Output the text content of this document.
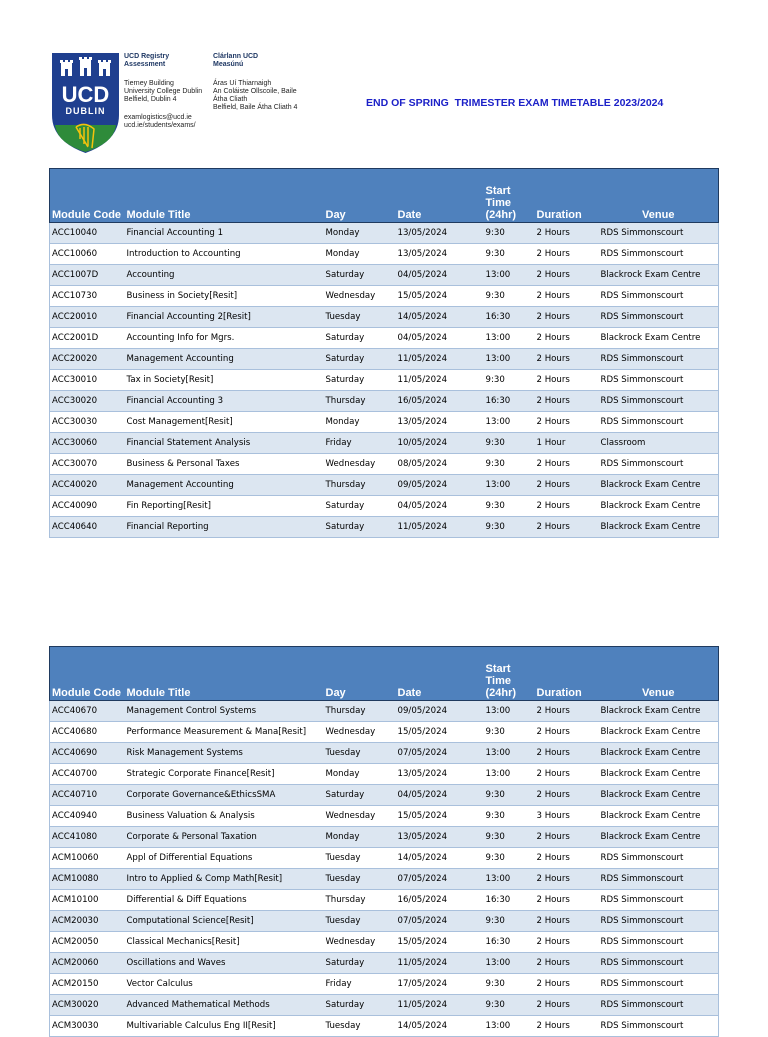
UCD
DUBLIN
UCD Registry
Assessment
Clárlann UCD
Measúnú
Tierney Building
University College Dublin
Belfield, Dublin 4
Áras Uí Thiarnaigh
An Coláiste Ollscoile, Baile
Átha Cliath
Belfield, Baile Átha Cliath 4
examlogistics@ucd.ie
ucd.ie/students/exams/
END OF SPRING  TRIMESTER EXAM TIMETABLE 2023/2024
Module Code	Module Title	Day	Date	Start
Time
(24hr)	Duration	Venue
ACC10040	Financial Accounting 1	Monday	13/05/2024	9:30	2 Hours	RDS Simmonscourt
ACC10060	Introduction to Accounting	Monday	13/05/2024	9:30	2 Hours	RDS Simmonscourt
ACC1007D	Accounting	Saturday	04/05/2024	13:00	2 Hours	Blackrock Exam Centre
ACC10730	Business in Society[Resit]	Wednesday	15/05/2024	9:30	2 Hours	RDS Simmonscourt
ACC20010	Financial Accounting 2[Resit]	Tuesday	14/05/2024	16:30	2 Hours	RDS Simmonscourt
ACC2001D	Accounting Info for Mgrs.	Saturday	04/05/2024	13:00	2 Hours	Blackrock Exam Centre
ACC20020	Management Accounting	Saturday	11/05/2024	13:00	2 Hours	RDS Simmonscourt
ACC30010	Tax in Society[Resit]	Saturday	11/05/2024	9:30	2 Hours	RDS Simmonscourt
ACC30020	Financial Accounting 3	Thursday	16/05/2024	16:30	2 Hours	RDS Simmonscourt
ACC30030	Cost Management[Resit]	Monday	13/05/2024	13:00	2 Hours	RDS Simmonscourt
ACC30060	Financial Statement Analysis	Friday	10/05/2024	9:30	1 Hour	Classroom
ACC30070	Business & Personal Taxes	Wednesday	08/05/2024	9:30	2 Hours	RDS Simmonscourt
ACC40020	Management Accounting	Thursday	09/05/2024	13:00	2 Hours	Blackrock Exam Centre
ACC40090	Fin Reporting[Resit]	Saturday	04/05/2024	9:30	2 Hours	Blackrock Exam Centre
ACC40640	Financial Reporting	Saturday	11/05/2024	9:30	2 Hours	Blackrock Exam Centre
Module Code	Module Title	Day	Date	Start
Time
(24hr)	Duration	Venue
ACC40670	Management Control Systems	Thursday	09/05/2024	13:00	2 Hours	Blackrock Exam Centre
ACC40680	Performance Measurement & Mana[Resit]	Wednesday	15/05/2024	9:30	2 Hours	Blackrock Exam Centre
ACC40690	Risk Management Systems	Tuesday	07/05/2024	13:00	2 Hours	Blackrock Exam Centre
ACC40700	Strategic Corporate Finance[Resit]	Monday	13/05/2024	13:00	2 Hours	Blackrock Exam Centre
ACC40710	Corporate Governance&EthicsSMA	Saturday	04/05/2024	9:30	2 Hours	Blackrock Exam Centre
ACC40940	Business Valuation & Analysis	Wednesday	15/05/2024	9:30	3 Hours	Blackrock Exam Centre
ACC41080	Corporate & Personal Taxation	Monday	13/05/2024	9:30	2 Hours	Blackrock Exam Centre
ACM10060	Appl of Differential Equations	Tuesday	14/05/2024	9:30	2 Hours	RDS Simmonscourt
ACM10080	Intro to Applied & Comp Math[Resit]	Tuesday	07/05/2024	13:00	2 Hours	RDS Simmonscourt
ACM10100	Differential & Diff Equations	Thursday	16/05/2024	16:30	2 Hours	RDS Simmonscourt
ACM20030	Computational Science[Resit]	Tuesday	07/05/2024	9:30	2 Hours	RDS Simmonscourt
ACM20050	Classical Mechanics[Resit]	Wednesday	15/05/2024	16:30	2 Hours	RDS Simmonscourt
ACM20060	Oscillations and Waves	Saturday	11/05/2024	13:00	2 Hours	RDS Simmonscourt
ACM20150	Vector Calculus	Friday	17/05/2024	9:30	2 Hours	RDS Simmonscourt
ACM30020	Advanced Mathematical Methods	Saturday	11/05/2024	9:30	2 Hours	RDS Simmonscourt
ACM30030	Multivariable Calculus Eng II[Resit]	Tuesday	14/05/2024	13:00	2 Hours	RDS Simmonscourt
